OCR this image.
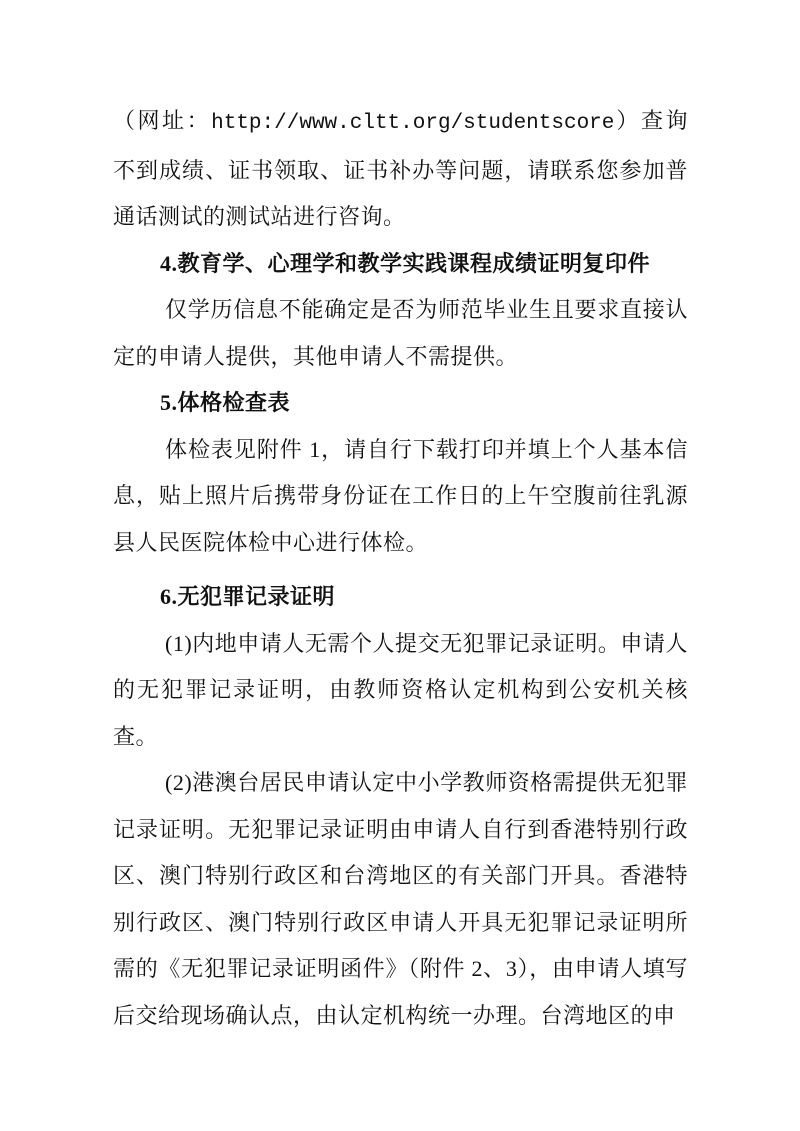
（网址：http://www.cltt.org/studentscore）查询不到成绩、证书领取、证书补办等问题，请联系您参加普通话测试的测试站进行咨询。

4.教育学、心理学和教学实践课程成绩证明复印件

仅学历信息不能确定是否为师范毕业生且要求直接认定的申请人提供，其他申请人不需提供。

5.体格检查表

体检表见附件 1，请自行下载打印并填上个人基本信息，贴上照片后携带身份证在工作日的上午空腹前往乳源县人民医院体检中心进行体检。

6.无犯罪记录证明

(1)内地申请人无需个人提交无犯罪记录证明。申请人的无犯罪记录证明，由教师资格认定机构到公安机关核查。

(2)港澳台居民申请认定中小学教师资格需提供无犯罪记录证明。无犯罪记录证明由申请人自行到香港特别行政区、澳门特别行政区和台湾地区的有关部门开具。香港特别行政区、澳门特别行政区申请人开具无犯罪记录证明所需的《无犯罪记录证明函件》（附件 2、3），由申请人填写后交给现场确认点，由认定机构统一办理。台湾地区的申
